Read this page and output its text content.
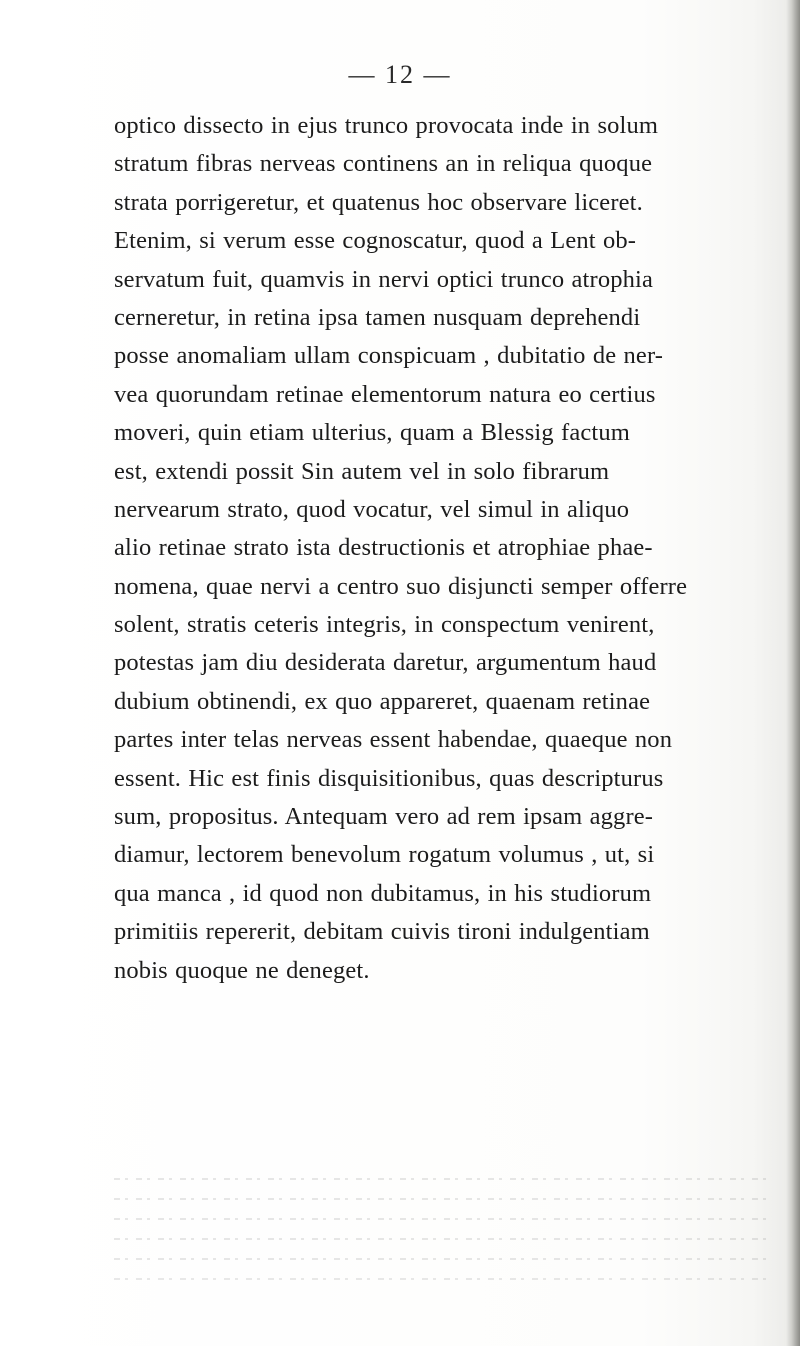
— 12 —
optico dissecto in ejus trunco provocata inde in solum
stratum fibras nerveas continens an in reliqua quoque
strata porrigeretur, et quatenus hoc observare liceret.
Etenim, si verum esse cognoscatur, quod a Lent ob-
servatum fuit, quamvis in nervi optici trunco atrophia
cerneretur, in retina ipsa tamen nusquam deprehendi
posse anomaliam ullam conspicuam , dubitatio de ner-
vea quorundam retinae elementorum natura eo certius
moveri, quin etiam ulterius, quam a Blessig factum
est, extendi possit Sin autem vel in solo fibrarum
nervearum strato, quod vocatur, vel simul in aliquo
alio retinae strato ista destructionis et atrophiae phae-
nomena, quae nervi a centro suo disjuncti semper offerre
solent, stratis ceteris integris, in conspectum venirent,
potestas jam diu desiderata daretur, argumentum haud
dubium obtinendi, ex quo appareret, quaenam retinae
partes inter telas nerveas essent habendae, quaeque non
essent. Hic est finis disquisitionibus, quas descripturus
sum, propositus. Antequam vero ad rem ipsam aggre-
diamur, lectorem benevolum rogatum volumus , ut, si
qua manca , id quod non dubitamus, in his studiorum
primitiis repererit, debitam cuivis tironi indulgentiam
nobis quoque ne deneget.
